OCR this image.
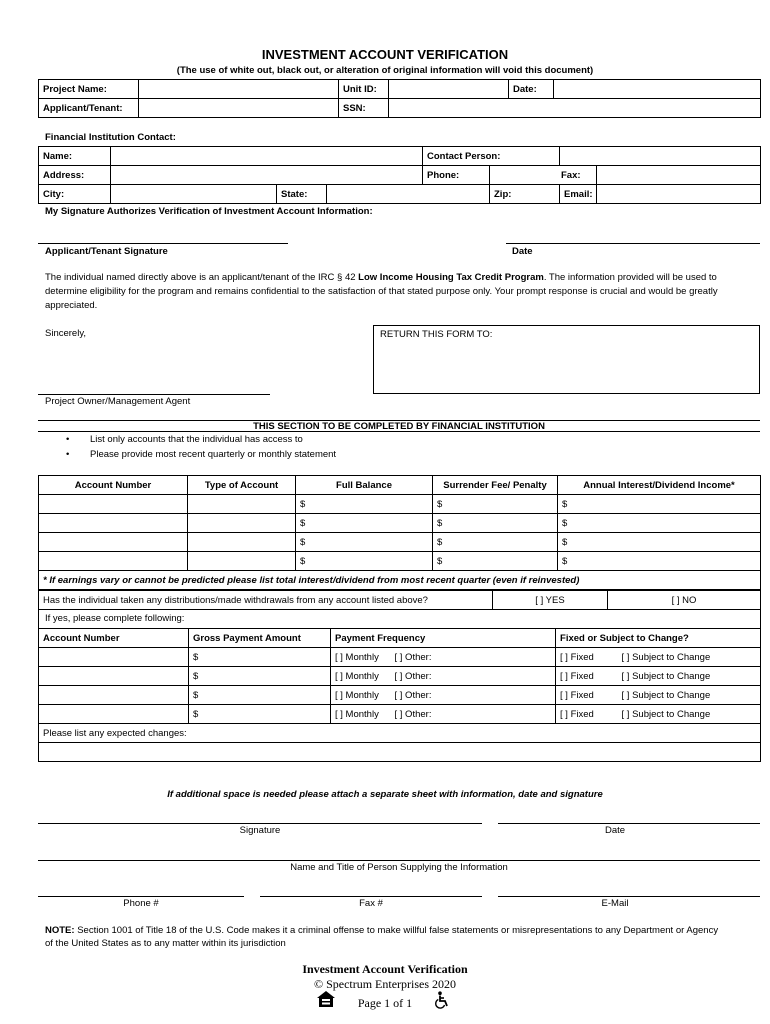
INVESTMENT ACCOUNT VERIFICATION
(The use of white out, black out, or alteration of original information will void this document)
Project Name:		Unit ID:		Date:	
Applicant/Tenant:		SSN:			
Financial Institution Contact:
Name:				Contact Person:			
Address:				Phone:			Fax:
City:		State:			Zip:	Email:	
My Signature Authorizes Verification of Investment Account Information:
Applicant/Tenant Signature	Date
The individual named directly above is an applicant/tenant of the IRC § 42 Low Income Housing Tax Credit Program. The information provided will be used to determine eligibility for the program and remains confidential to the satisfaction of that stated purpose only. Your prompt response is crucial and would be greatly appreciated.
Sincerely,	RETURN THIS FORM TO:
Project Owner/Management Agent
THIS SECTION TO BE COMPLETED BY FINANCIAL INSTITUTION
• List only accounts that the individual has access to
• Please provide most recent quarterly or monthly statement
Account Number	Type of Account	Full Balance	Surrender Fee/ Penalty	Annual Interest/Dividend Income*
		$	$	$
		$	$	$
		$	$	$
		$	$	$
* If earnings vary or cannot be predicted please list total interest/dividend from most recent quarter (even if reinvested)				
Has the individual taken any distributions/made withdrawals from any account listed above?	[ ] YES	[ ] NO
If yes, please complete following:
Account Number	Gross Payment Amount	Payment Frequency		Fixed or Subject to Change?	
	$	[ ] Monthly	[ ] Other:	[ ] Fixed	[ ] Subject to Change
	$	[ ] Monthly	[ ] Other:	[ ] Fixed	[ ] Subject to Change
	$	[ ] Monthly	[ ] Other:	[ ] Fixed	[ ] Subject to Change
	$	[ ] Monthly	[ ] Other:	[ ] Fixed	[ ] Subject to Change
Please list any expected changes:					

If additional space is needed please attach a separate sheet with information, date and signature
Signature	Date
Name and Title of Person Supplying the Information
Phone #	Fax #	E-Mail
NOTE: Section 1001 of Title 18 of the U.S. Code makes it a criminal offense to make willful false statements or misrepresentations to any Department or Agency of the United States as to any matter within its jurisdiction
Investment Account Verification
© Spectrum Enterprises 2020
Page 1 of 1
